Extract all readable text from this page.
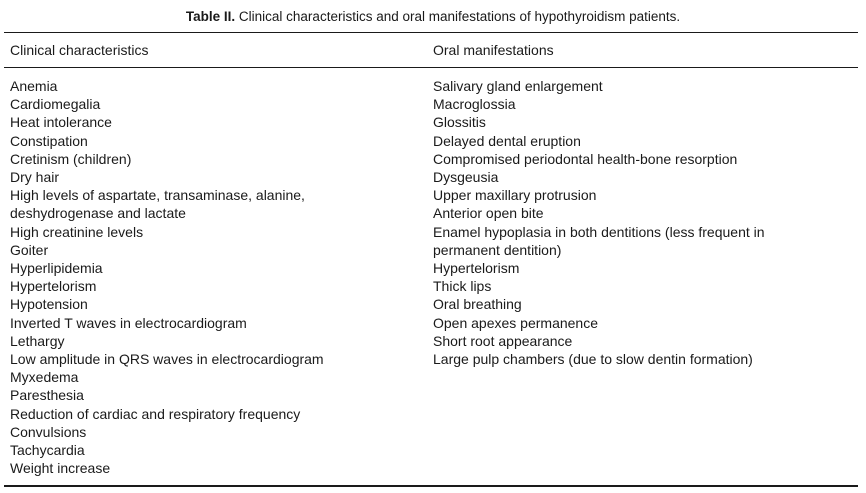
Table II. Clinical characteristics and oral manifestations of hypothyroidism patients.
Clinical characteristics	Oral manifestations
Anemia
Cardiomegalia
Heat intolerance
Constipation
Cretinism (children)
Dry hair
High levels of aspartate, transaminase, alanine, deshydrogenase and lactate
High creatinine levels
Goiter
Hyperlipidemia
Hypertelorism
Hypotension
Inverted T waves in electrocardiogram
Lethargy
Low amplitude in QRS waves in electrocardiogram
Myxedema
Paresthesia
Reduction of cardiac and respiratory frequency
Convulsions
Tachycardia
Weight increase
Salivary gland enlargement
Macroglossia
Glossitis
Delayed dental eruption
Compromised periodontal health-bone resorption
Dysgeusia
Upper maxillary protrusion
Anterior open bite
Enamel hypoplasia in both dentitions (less frequent in permanent dentition)
Hypertelorism
Thick lips
Oral breathing
Open apexes permanence
Short root appearance
Large pulp chambers (due to slow dentin formation)
